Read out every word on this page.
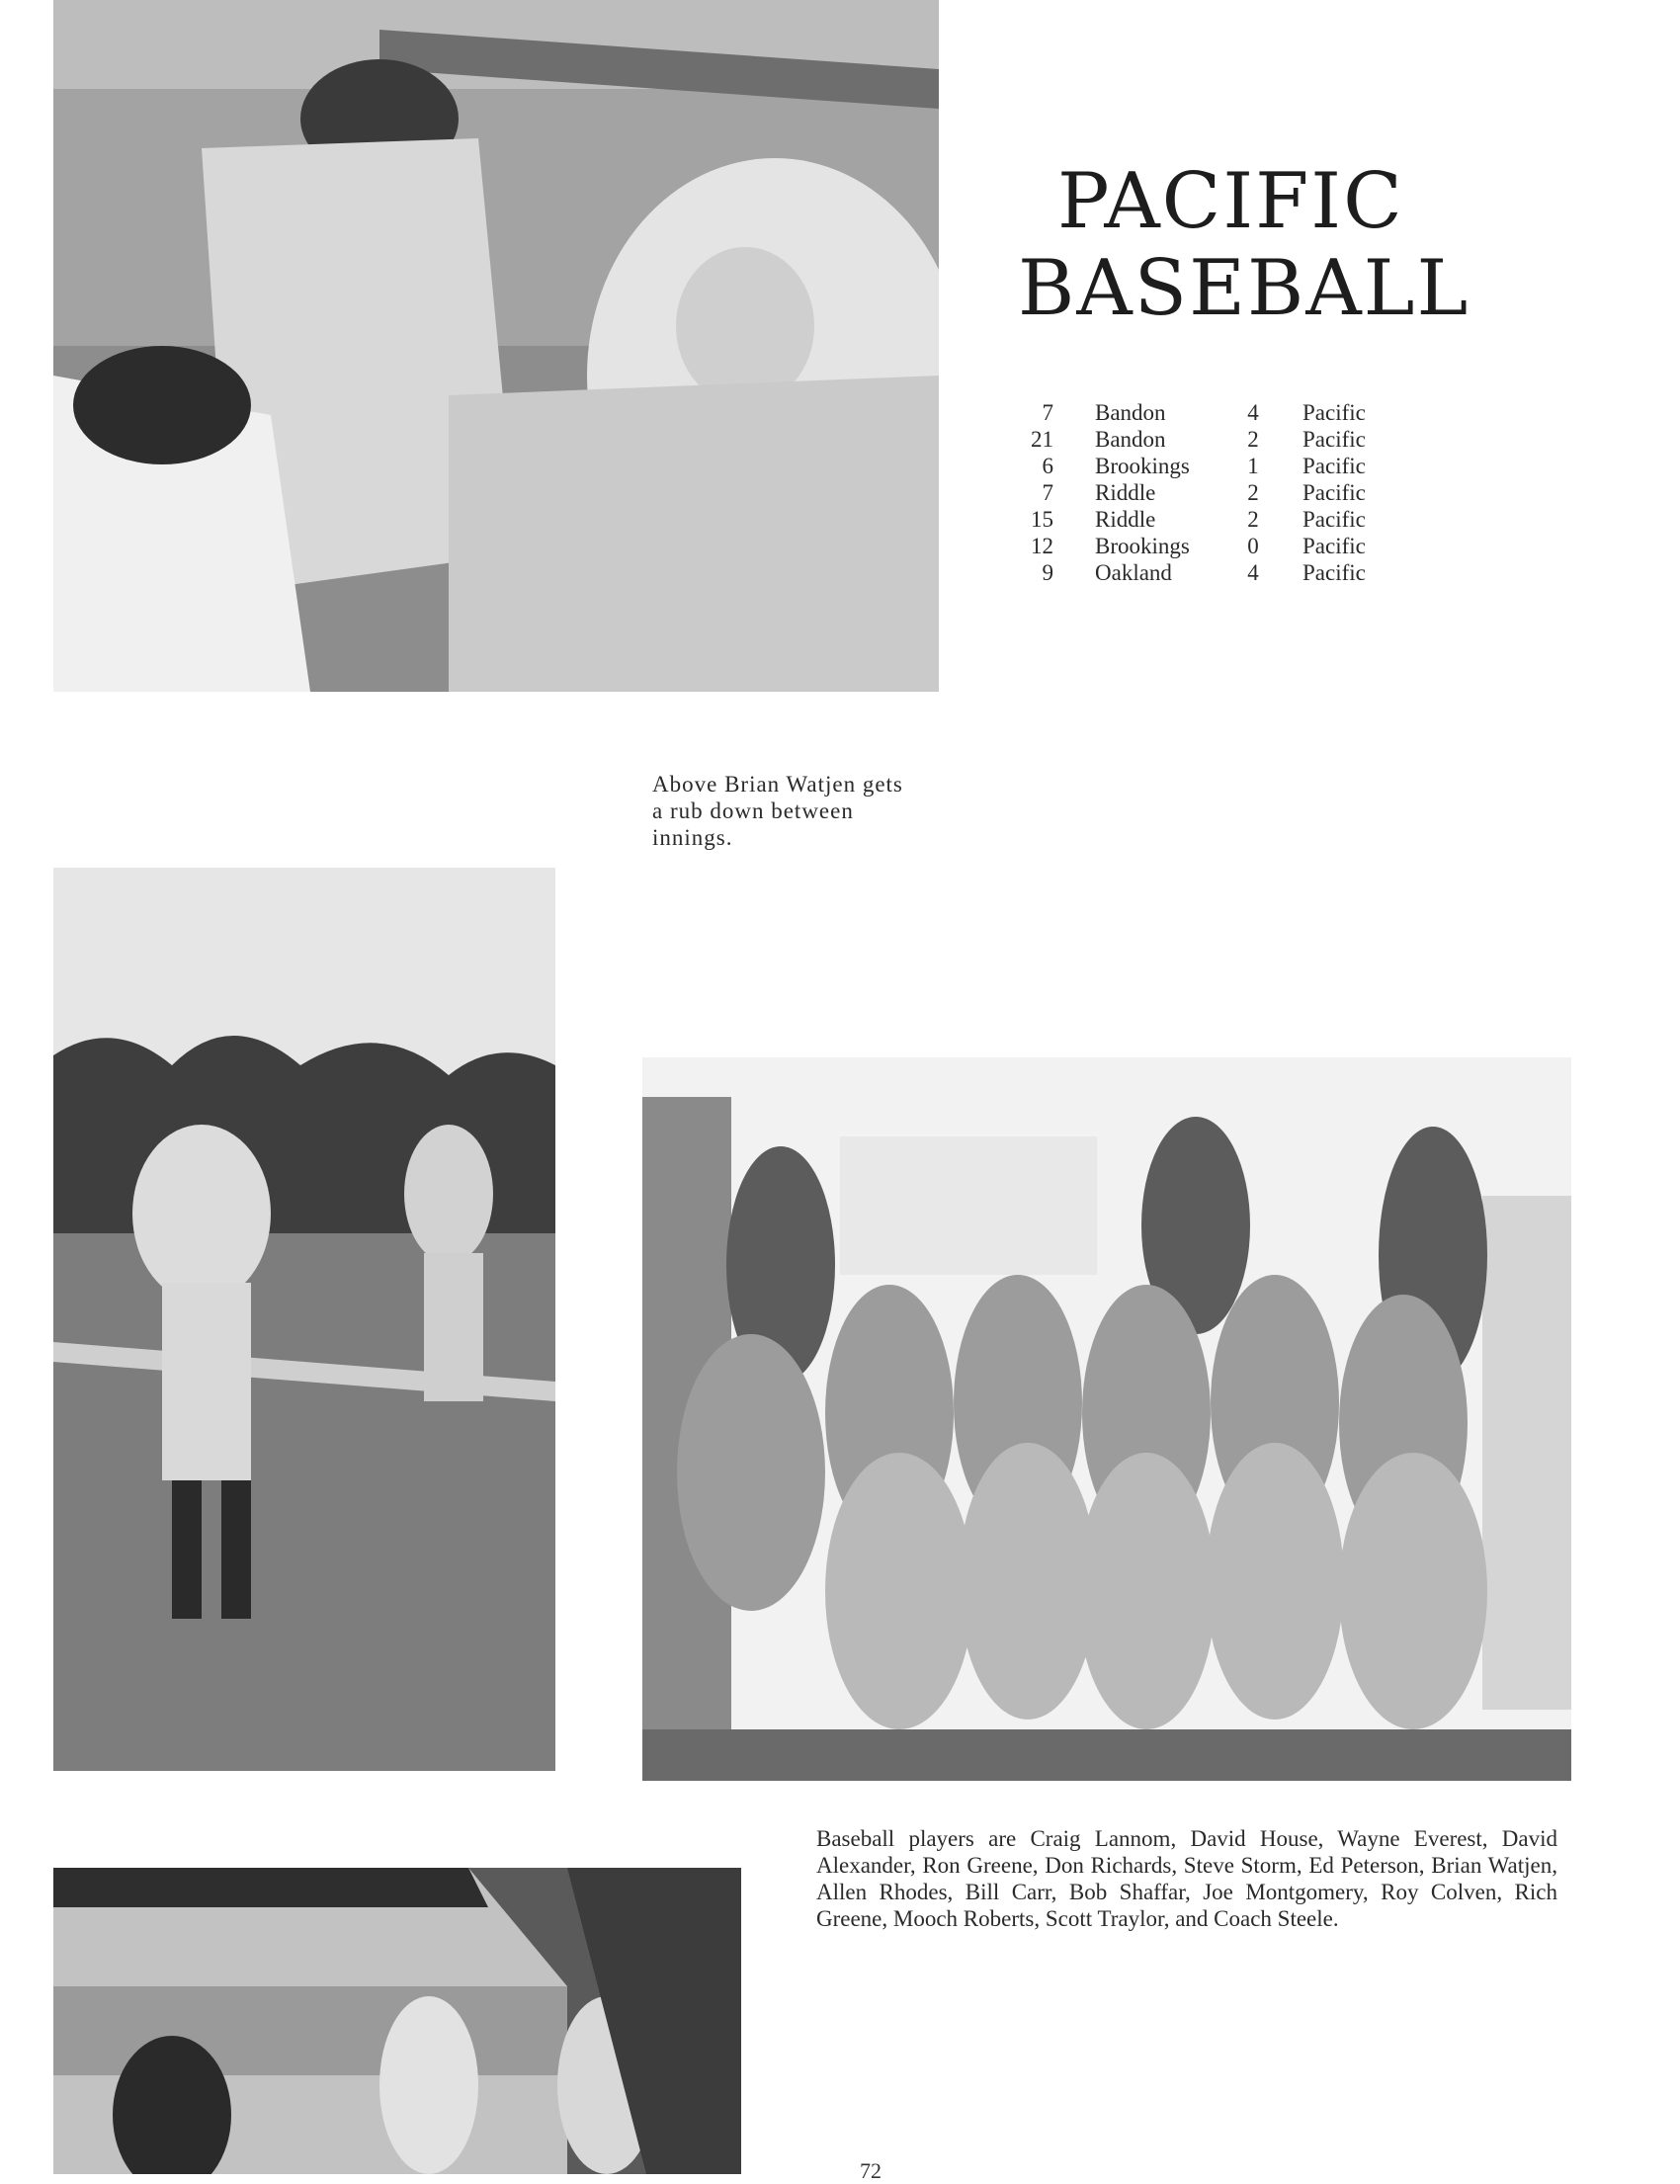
PACIFIC
BASEBALL
7	Bandon	4	Pacific
21	Bandon	2	Pacific
6	Brookings	1	Pacific
7	Riddle	2	Pacific
15	Riddle	2	Pacific
12	Brookings	0	Pacific
9	Oakland	4	Pacific

Above Brian Watjen gets a rub down between innings.

Baseball players are Craig Lannom, David House, Wayne Everest, David Alexander, Ron Greene, Don Richards, Steve Storm, Ed Peterson, Brian Watjen, Allen Rhodes, Bill Carr, Bob Shaffar, Joe Montgomery, Roy Colven, Rich Greene, Mooch Roberts, Scott Traylor, and Coach Steele.

72
